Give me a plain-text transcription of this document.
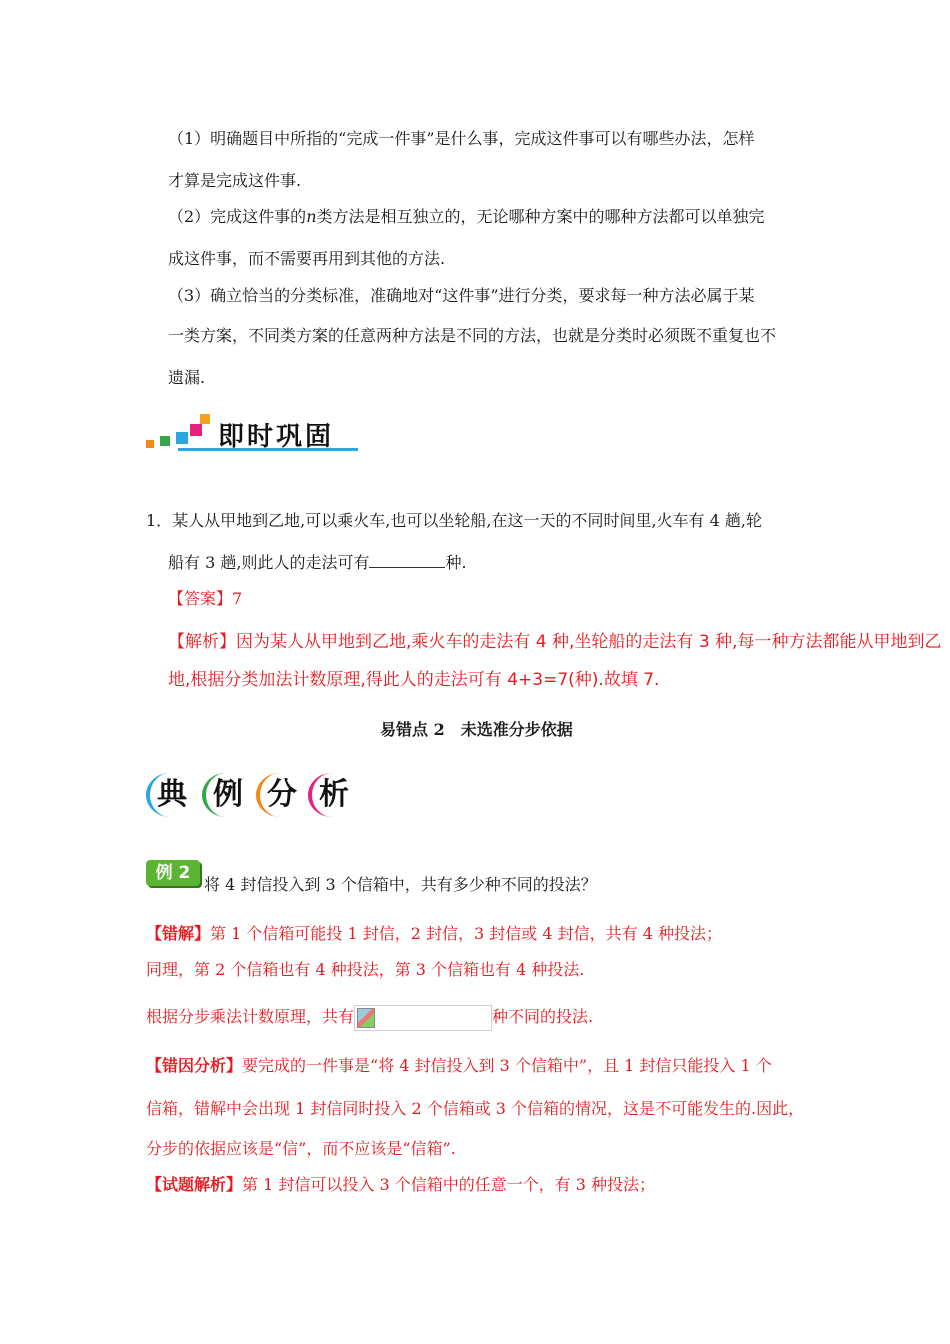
（1）明确题目中所指的“完成一件事”是什么事，完成这件事可以有哪些办法，怎样
才算是完成这件事.
（2）完成这件事的n类方法是相互独立的，无论哪种方案中的哪种方法都可以单独完
成这件事，而不需要再用到其他的方法.
（3）确立恰当的分类标准，准确地对“这件事”进行分类，要求每一种方法必属于某
一类方案，不同类方案的任意两种方法是不同的方法，也就是分类时必须既不重复也不
遗漏.
即时巩固
1．某人从甲地到乙地,可以乘火车,也可以坐轮船,在这一天的不同时间里,火车有 4 趟,轮
船有 3 趟,则此人的走法可有	种.
【答案】7
【解析】因为某人从甲地到乙地,乘火车的走法有 4 种,坐轮船的走法有 3 种,每一种方法都能从甲地到乙
地,根据分类加法计数原理,得此人的走法可有 4+3=7(种).故填 7.
易错点 2　未选准分步依据
典 例 分 析
例 2
将 4 封信投入到 3 个信箱中，共有多少种不同的投法？
【错解】第 1 个信箱可能投 1 封信，2 封信，3 封信或 4 封信，共有 4 种投法；
同理，第 2 个信箱也有 4 种投法，第 3 个信箱也有 4 种投法.
根据分步乘法计数原理，共有	种不同的投法.
【错因分析】要完成的一件事是“将 4 封信投入到 3 个信箱中”，且 1 封信只能投入 1 个
信箱，错解中会出现 1 封信同时投入 2 个信箱或 3 个信箱的情况，这是不可能发生的.因此，
分步的依据应该是“信”，而不应该是“信箱”.
【试题解析】第 1 封信可以投入 3 个信箱中的任意一个，有 3 种投法；
